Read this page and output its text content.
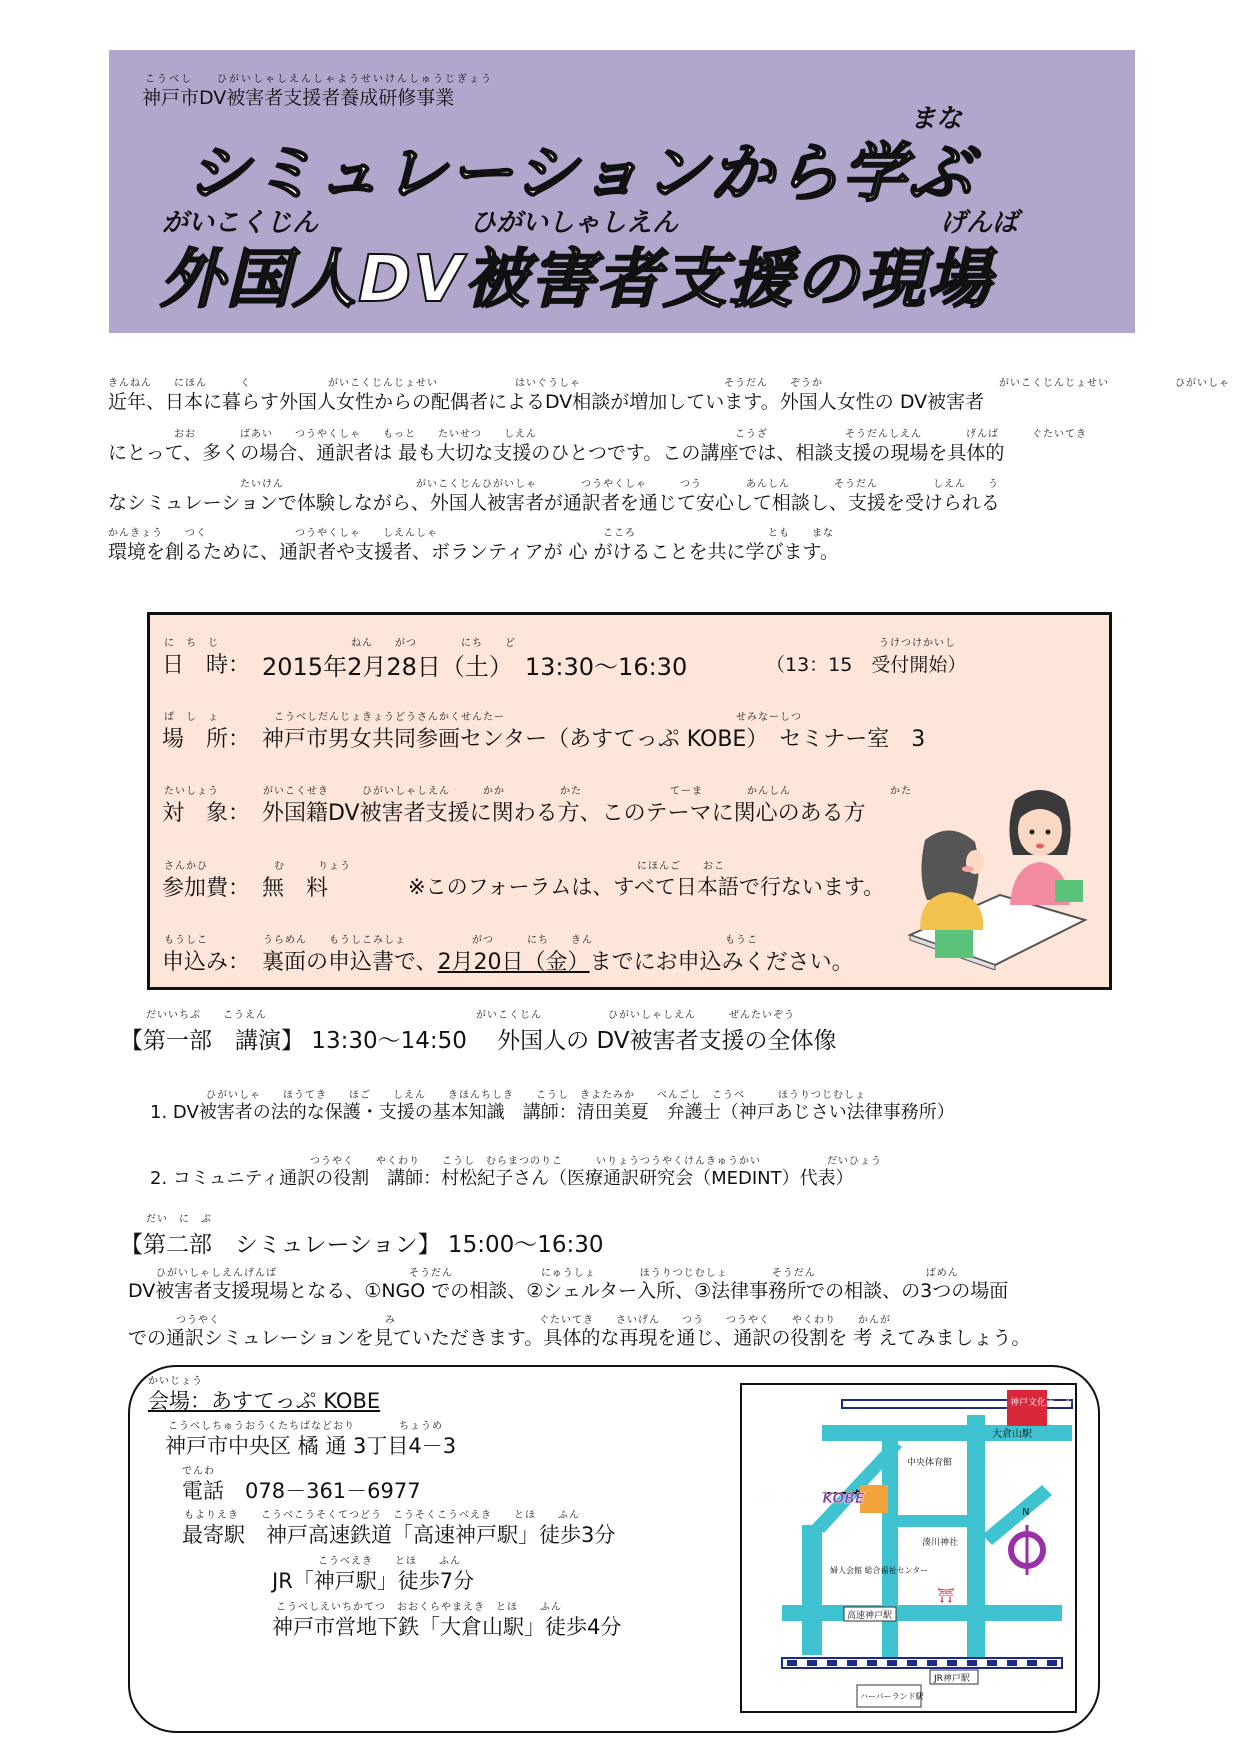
こうべし　　ひがいしゃしえんしゃようせいけんしゅうじぎょう
神戸市DV被害者支援者養成研修事業
まな
シミュレーションから学ぶ
がいこくじん	ひがいしゃしえん	げんば
外国人DV被害者支援の現場
きんねん　　にほん　　　く　　　　　　　がいこくじんじょせい　　　　　　　はいぐうしゃ　　　　　　　　　　　　　そうだん　　ぞうか　　　　　　　　　　　　　　　　がいこくじんじょせい　　　　　　ひがいしゃ
近年、日本に暮らす外国人女性からの配偶者によるDV相談が増加しています。外国人女性の DV被害者
　　　　　　おお　　　　ばあい　　つうやくしゃ　　もっと　　たいせつ　　しえん　　　　　　　　　　　　　　　　　　こうざ　　　　　　　そうだんしえん　　　　げんば　　　ぐたいてき
にとって、多くの場合、通訳者は 最も大切な支援のひとつです。この講座では、相談支援の現場を具体的
　　　　　　　　　　　　たいけん　　　　　　　　　　　　がいこくじんひがいしゃ　　　　つうやくしゃ　　　つう　　　　あんしん　　　　そうだん　　　　　しえん　　う
なシミュレーションで体験しながら、外国人被害者が通訳者を通じて安心して相談し、支援を受けられる
かんきょう　　つく　　　　　　　　つうやくしゃ　　しえんしゃ　　　　　　　　　　　　　　　こころ　　　　　　　　　　　　とも　　まな
環境を創るために、通訳者や支援者、ボランティアが 心 がけることを共に学びます。
に　ち　じ　　　　　　　　　　　　ねん　　がつ　　　　にち　　ど　　　　　　　　　　　　　　　　　　　　　　　　　　　　　　　　　うけつけかいし
日　時： 2015年2月28日（土）　13:30～16:30	（13：15　受付開始）
ば　し　ょ　　　　　こうべしだんじょきょうどうさんかくせんたー　　　　　　　　　　　　　　　　　　　　　せみなーしつ
場　所： 神戸市男女共同参画センター（あすてっぷ KOBE）　セミナー室　3
たいしょう　　　　がいこくせき　　　ひがいしゃしえん　　　かか　　　　　かた　　　　　　　　てーま　　　　かんしん　　　　　　　　　かた
対　象： 外国籍DV被害者支援に関わる方、このテーマに関心のある方
さんかひ　　　　　　む　　　りょう　　　　　　　　　　　　　　　　　　　　　　　　　　にほんご　　おこ
参加費： 無　料	※このフォーラムは、すべて日本語で行ないます。
もうしこ　　　　　うらめん　　もうしこみしょ　　　　　　がつ　　　にち　　きん　　　　　　　　　　　　もうこ
申込み： 裏面の申込書で、2月20日（金）までにお申込みください。
だいいちぶ　　こうえん　　　　　　　　　　　　　　　　　　　がいこくじん　　　　　　ひがいしゃしえん　　　ぜんたいぞう
【第一部　講演】 13:30～14:50　 外国人の DV被害者支援の全体像
ひがいしゃ　　ほうてき　　ほご　　しえん　　きほんちしき　　こうし　きよたみか　　べんごし　こうべ　　　ほうりつじむしょ
1. DV被害者の法的な保護・支援の基本知識　講師：清田美夏　弁護士（神戸あじさい法律事務所）
つうやく　　やくわり　　こうし　むらまつのりこ　　　いりょうつうやくけんきゅうかい　　　　　　だいひょう
2. コミュニティ通訳の役割　講師：村松紀子さん（医療通訳研究会（MEDINT）代表）
だい　に　ぶ
【第二部　シミュレーション】 15:00～16:30
ひがいしゃしえんげんば　　　　　　　　　　　　そうだん　　　　　　　　にゅうしょ　　　　ほうりつじむしょ　　　　そうだん　　　　　　　　　　ばめん
DV被害者支援現場となる、①NGO での相談、②シェルター入所、③法律事務所での相談、の3つの場面
つうやく　　　　　　　　　　　　　　　み　　　　　　　　　　　　　ぐたいてき　　さいげん　　つう　　つうやく　　やくわり　　かんが
での通訳シミュレーションを見ていただきます。具体的な再現を通じ、通訳の役割を 考 えてみましょう。
かいじょう
会場：あすてっぷ KOBE
こうべしちゅうおうくたちばなどおり　　　　ちょうめ
神戸市中央区 橘 通 3丁目4－3
でんわ
電話　078－361－6977
もよりえき　　こうべこうそくてつどう　こうそくこうべえき　　とほ　　ふん
最寄駅　神戸高速鉄道「高速神戸駅」徒歩3分
こうべえき　　とほ　　ふん
JR「神戸駅」徒歩7分
こうべしえいちかてつ　おおくらやまえき　とほ　　ふん
神戸市営地下鉄「大倉山駅」徒歩4分
⛩
神戸文化ホール
大倉山駅
中央体育館
湊川神社
N
婦人会館 総合福祉センター
高速神戸駅
JR神戸駅
ハーバーランド駅
あすてっぷKOBE
